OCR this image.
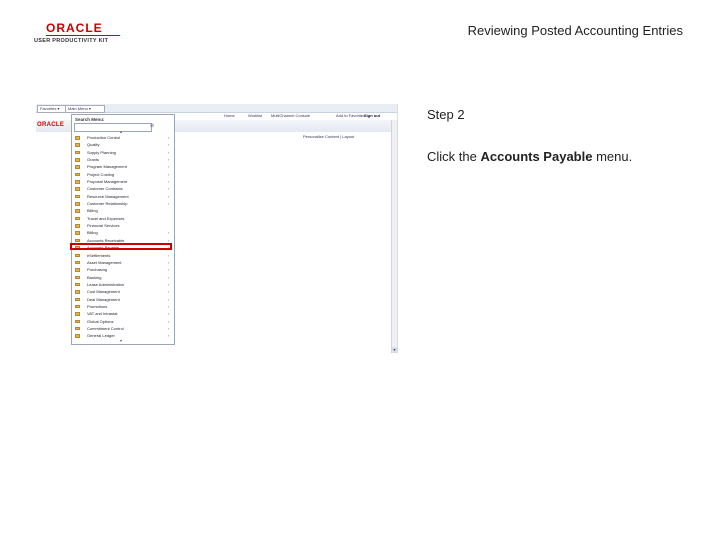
ORACLE
USER PRODUCTIVITY KIT
Reviewing Posted Accounting Entries
Step 2
Click the Accounts Payable menu.
Favorites ▾	Main Menu ▾
Home	Worklist MultiChannel Console	Add to Favorites
Sign out
ORACLE
Personalize Content | Layout
▾
Search Menu:
⊘
▴
Production Control	›
Quality	›
Supply Planning	›
Grants	›
Program Management	›
Project Costing	›
Proposal Management	›
Customer Contracts	›
Resource Management	›
Customer Relationship	›
Billing
Travel and Expenses
Financial Services
Billing	›
Accounts Receivable	›
Accounts Payable	›
eSettlements	›
Asset Management	›
Purchasing	›
Banking	›
Lease Administration	›
Cost Management	›
Deal Management	›
Promotions	›
VAT and Intrastat	›
Global Options	›
Commitment Control	›
General Ledger	›
▾
